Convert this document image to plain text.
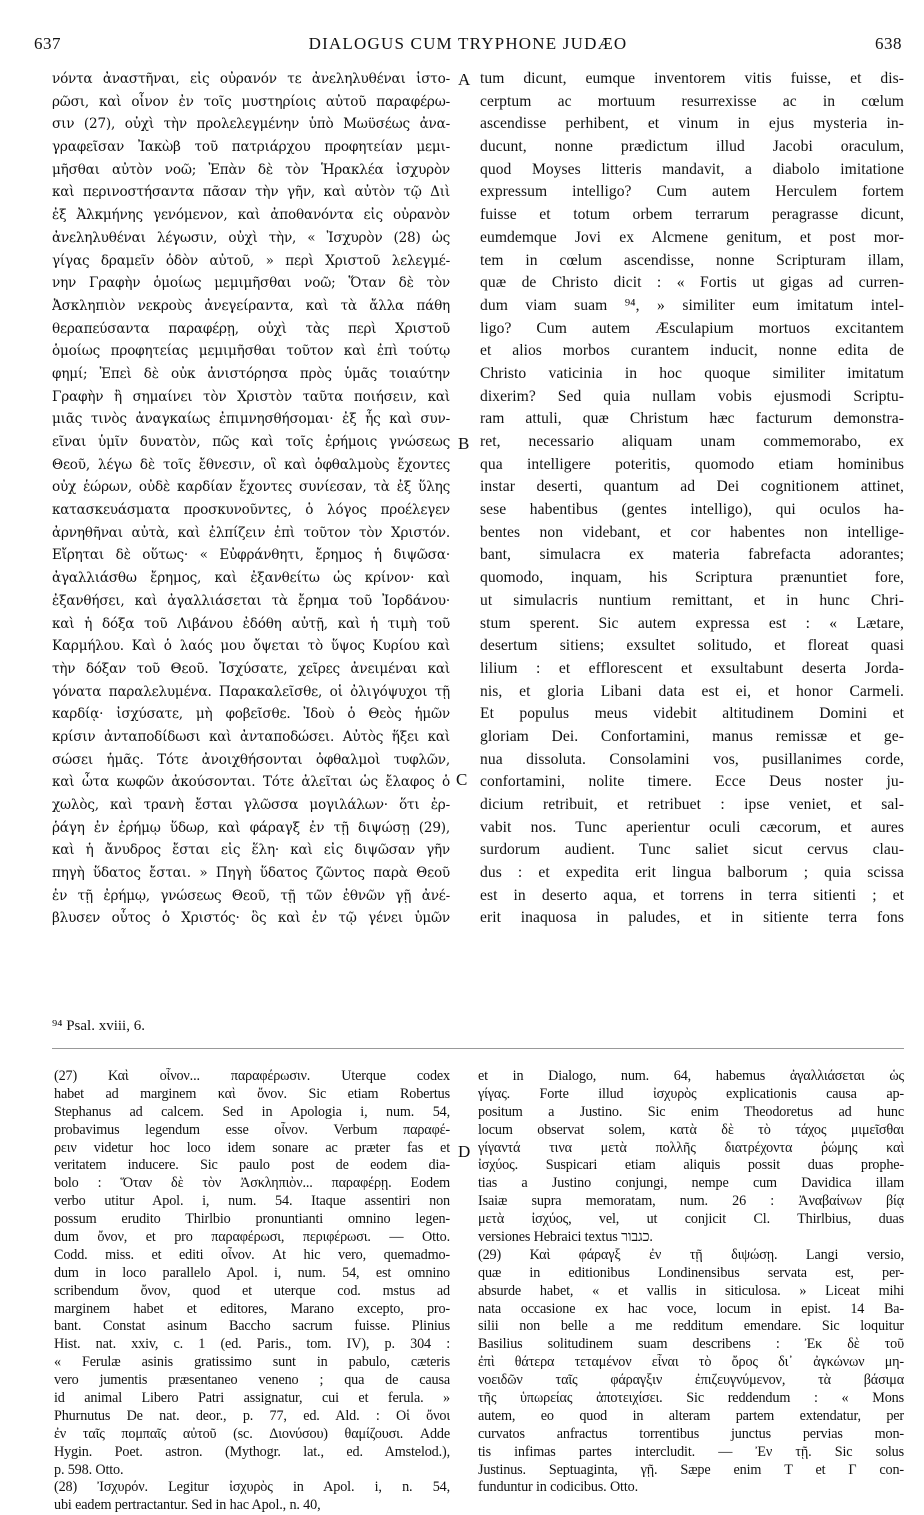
637	DIALOGUS CUM TRYPHONE JUDÆO	638
νόντα ἀναστῆναι, εἰς οὐρανόν τε ἀνεληλυθέναι ἱστο-
ρῶσι, καὶ οἶνον ἐν τοῖς μυστηρίοις αὐτοῦ παραφέρω-
σιν (27), οὐχὶ τὴν προλελεγμένην ὑπὸ Μωϋσέως ἀνα-
γραφεῖσαν Ἰακὼβ τοῦ πατριάρχου προφητείαν μεμι-
μῆσθαι αὐτὸν νοῶ; Ἐπὰν δὲ τὸν Ἡρακλέα ἰσχυρὸν
καὶ περινοστήσαντα πᾶσαν τὴν γῆν, καὶ αὐτὸν τῷ Διὶ
ἐξ Ἀλκμήνης γενόμενον, καὶ ἀποθανόντα εἰς οὐρανὸν
ἀνεληλυθέναι λέγωσιν, οὐχὶ τὴν, « Ἰσχυρὸν (28) ὡς
γίγας δραμεῖν ὁδὸν αὐτοῦ, » περὶ Χριστοῦ λελεγμέ-
νην Γραφὴν ὁμοίως μεμιμῆσθαι νοῶ; Ὅταν δὲ τὸν
Ἀσκληπιὸν νεκροὺς ἀνεγείραντα, καὶ τὰ ἄλλα πάθη
θεραπεύσαντα παραφέρῃ, οὐχὶ τὰς περὶ Χριστοῦ
ὁμοίως προφητείας μεμιμῆσθαι τοῦτον καὶ ἐπὶ τούτῳ
φημί; Ἐπεὶ δὲ οὐκ ἀνιστόρησα πρὸς ὑμᾶς τοιαύτην
Γραφὴν ἢ σημαίνει τὸν Χριστὸν ταῦτα ποιήσειν, καὶ
μιᾶς τινὸς ἀναγκαίως ἐπιμνησθήσομαι· ἐξ ἧς καὶ συν-
εῖναι ὑμῖν δυνατὸν, πῶς καὶ τοῖς ἐρήμοις γνώσεως
Θεοῦ, λέγω δὲ τοῖς ἔθνεσιν, οἳ καὶ ὀφθαλμοὺς ἔχοντες
οὐχ ἑώρων, οὐδὲ καρδίαν ἔχοντες συνίεσαν, τὰ ἐξ ὕλης
κατασκευάσματα προσκυνοῦντες, ὁ λόγος προέλεγεν
ἀρνηθῆναι αὐτὰ, καὶ ἐλπίζειν ἐπὶ τοῦτον τὸν Χριστόν.
Εἴρηται δὲ οὕτως· « Εὐφράνθητι, ἔρημος ἡ διψῶσα·
ἀγαλλιάσθω ἔρημος, καὶ ἐξανθείτω ὡς κρίνον· καὶ
ἐξανθήσει, καὶ ἀγαλλιάσεται τὰ ἔρημα τοῦ Ἰορδάνου·
καὶ ἡ δόξα τοῦ Λιβάνου ἐδόθη αὐτῇ, καὶ ἡ τιμὴ τοῦ
Καρμήλου. Καὶ ὁ λαός μου ὄψεται τὸ ὕψος Κυρίου καὶ
τὴν δόξαν τοῦ Θεοῦ. Ἰσχύσατε, χεῖρες ἀνειμέναι καὶ
γόνατα παραλελυμένα. Παρακαλεῖσθε, οἱ ὀλιγόψυχοι τῇ
καρδίᾳ· ἰσχύσατε, μὴ φοβεῖσθε. Ἰδοὺ ὁ Θεὸς ἡμῶν
κρίσιν ἀνταποδίδωσι καὶ ἀνταποδώσει. Αὐτὸς ἥξει καὶ
σώσει ἡμᾶς. Τότε ἀνοιχθήσονται ὀφθαλμοὶ τυφλῶν,
καὶ ὦτα κωφῶν ἀκούσονται. Τότε ἀλεῖται ὡς ἔλαφος ὁ
χωλὸς, καὶ τρανὴ ἔσται γλῶσσα μογιλάλων· ὅτι ἐρ-
ῥάγη ἐν ἐρήμῳ ὕδωρ, καὶ φάραγξ ἐν τῇ διψώσῃ (29),
καὶ ἡ ἄνυδρος ἔσται εἰς ἕλη· καὶ εἰς διψῶσαν γῆν
πηγὴ ὕδατος ἔσται. » Πηγὴ ὕδατος ζῶντος παρὰ Θεοῦ
ἐν τῇ ἐρήμῳ, γνώσεως Θεοῦ, τῇ τῶν ἐθνῶν γῇ ἀνέ-
βλυσεν οὗτος ὁ Χριστός· ὃς καὶ ἐν τῷ γένει ὑμῶν
tum dicunt, eumque inventorem vitis fuisse, et dis-
cerptum ac mortuum resurrexisse ac in cœlum
ascendisse perhibent, et vinum in ejus mysteria in-
ducunt, nonne prædictum illud Jacobi oraculum,
quod Moyses litteris mandavit, a diabolo imitatione
expressum intelligo? Cum autem Herculem fortem
fuisse et totum orbem terrarum peragrasse dicunt,
eumdemque Jovi ex Alcmene genitum, et post mor-
tem in cœlum ascendisse, nonne Scripturam illam,
quæ de Christo dicit : « Fortis ut gigas ad curren-
dum viam suam ⁹⁴, » similiter eum imitatum intel-
ligo? Cum autem Æsculapium mortuos excitantem
et alios morbos curantem inducit, nonne edita de
Christo vaticinia in hoc quoque similiter imitatum
dixerim? Sed quia nullam vobis ejusmodi Scriptu-
ram attuli, quæ Christum hæc facturum demonstra-
ret, necessario aliquam unam commemorabo, ex
qua intelligere poteritis, quomodo etiam hominibus
instar deserti, quantum ad Dei cognitionem attinet,
sese habentibus (gentes intelligo), qui oculos ha-
bentes non videbant, et cor habentes non intellige-
bant, simulacra ex materia fabrefacta adorantes;
quomodo, inquam, his Scriptura prænuntiet fore,
ut simulacris nuntium remittant, et in hunc Chri-
stum sperent. Sic autem expressa est : « Lætare,
desertum sitiens; exsultet solitudo, et floreat quasi
lilium : et efflorescent et exsultabunt deserta Jorda-
nis, et gloria Libani data est ei, et honor Carmeli.
Et populus meus videbit altitudinem Domini et
gloriam Dei. Confortamini, manus remissæ et ge-
nua dissoluta. Consolamini vos, pusillanimes corde,
confortamini, nolite timere. Ecce Deus noster ju-
dicium retribuit, et retribuet : ipse veniet, et sal-
vabit nos. Tunc aperientur oculi cæcorum, et aures
surdorum audient. Tunc saliet sicut cervus clau-
dus : et expedita erit lingua balborum ; quia scissa
est in deserto aqua, et torrens in terra sitienti ; et
erit inaquosa in paludes, et in sitiente terra fons
A
B
C
D
⁹⁴ Psal. xviii, 6.
(27) Καὶ οἶνον... παραφέρωσιν. Uterque codex
habet ad marginem καὶ ὄνον. Sic etiam Robertus
Stephanus ad calcem. Sed in Apologia i, num. 54,
probavimus legendum esse οἶνον. Verbum παραφέ-
ρειν videtur hoc loco idem sonare ac præter fas et
veritatem inducere. Sic paulo post de eodem dia-
bolo : Ὅταν δὲ τὸν Ἀσκληπιὸν... παραφέρῃ. Eodem
verbo utitur Apol. i, num. 54. Itaque assentiri non
possum erudito Thirlbio pronuntianti omnino legen-
dum ὄνον, et pro παραφέρωσι, περιφέρωσι. — Otto.
Codd. miss. et editi οἶνον. At hic vero, quemadmo-
dum in loco parallelo Apol. i, num. 54, est omnino
scribendum ὄνον, quod et uterque cod. mstus ad
marginem habet et editores, Marano excepto, pro-
bant. Constat asinum Baccho sacrum fuisse. Plinius
Hist. nat. xxiv, c. 1 (ed. Paris., tom. IV), p. 304 :
« Ferulæ asinis gratissimo sunt in pabulo, cæteris
vero jumentis præsentaneo veneno ; qua de causa
id animal Libero Patri assignatur, cui et ferula. »
Phurnutus De nat. deor., p. 77, ed. Ald. : Οἱ ὄνοι
ἐν ταῖς πομπαῖς αὐτοῦ (sc. Διονύσου) θαμίζουσι. Adde
Hygin. Poet. astron. (Mythogr. lat., ed. Amstelod.),
p. 598. Otto.
(28) Ἰσχυρόν. Legitur ἰσχυρὸς in Apol. i, n. 54,
ubi eadem pertractantur. Sed in hac Apol., n. 40,
et in Dialogo, num. 64, habemus ἀγαλλιάσεται ὡς
γίγας. Forte illud ἰσχυρὸς explicationis causa ap-
positum a Justino. Sic enim Theodoretus ad hunc
locum observat solem, κατὰ δὲ τὸ τάχος μιμεῖσθαι
γίγαντά τινα μετὰ πολλῆς διατρέχοντα ῥώμης καὶ
ἰσχύος. Suspicari etiam aliquis possit duas prophe-
tias a Justino conjungi, nempe cum Davidica illam
Isaiæ supra memoratam, num. 26 : Ἀναβαίνων βίᾳ
μετὰ ἰσχύος, vel, ut conjicit Cl. Thirlbius, duas
versiones Hebraici textus כגבור.
(29) Καὶ φάραγξ ἐν τῇ διψώσῃ. Langi versio,
quæ in editionibus Londinensibus servata est, per-
absurde habet, « et vallis in siticulosa. » Liceat mihi
nata occasione ex hac voce, locum in epist. 14 Ba-
silii non belle a me redditum emendare. Sic loquitur
Basilius solitudinem suam describens : Ἐκ δὲ τοῦ
ἐπὶ θάτερα τεταμένον εἶναι τὸ ὄρος δι᾽ ἀγκώνων μη-
νοειδῶν ταῖς φάραγξιν ἐπιζευγνύμενον, τὰ βάσιμα
τῆς ὑπωρείας ἀποτειχίσει. Sic reddendum : « Mons
autem, eo quod in alteram partem extendatur, per
curvatos anfractus torrentibus junctus pervias mon-
tis infimas partes intercludit. — Ἐν τῇ. Sic solus
Justinus. Septuaginta, γῇ. Sæpe enim Τ et Γ con-
funduntur in codicibus. Otto.
